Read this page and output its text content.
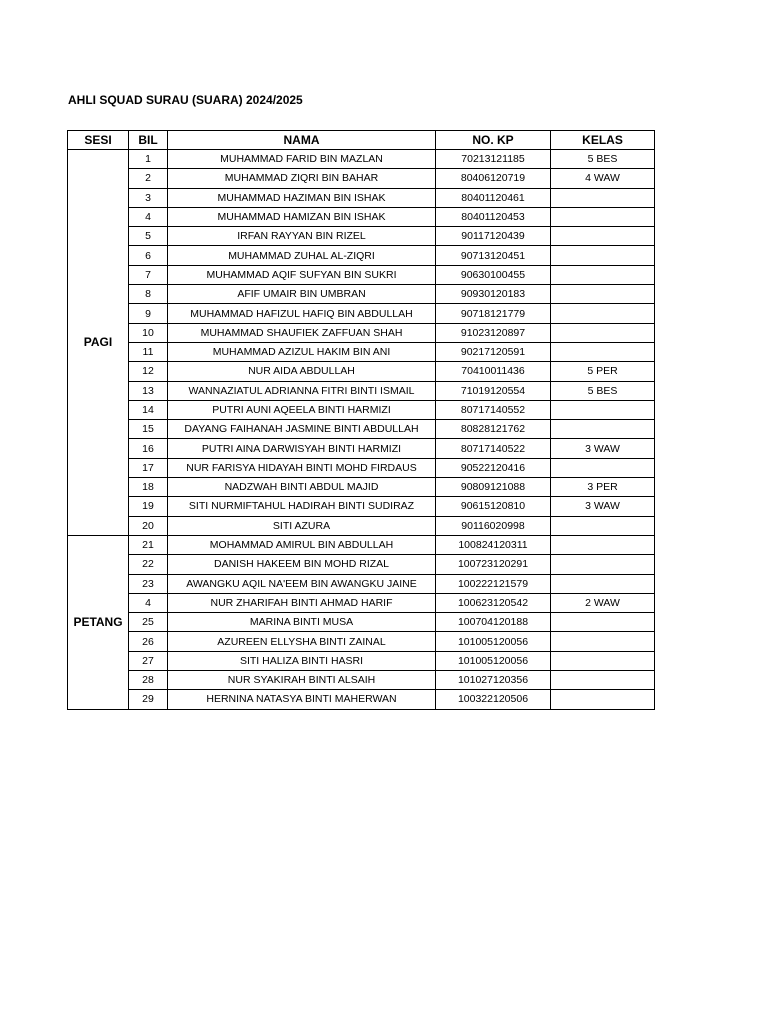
AHLI SQUAD SURAU (SUARA) 2024/2025
SESI	BIL	NAMA	NO. KP	KELAS
PAGI	1	MUHAMMAD FARID BIN MAZLAN	70213121185	5 BES
	2	MUHAMMAD ZIQRI BIN BAHAR	80406120719	4 WAW
	3	MUHAMMAD HAZIMAN BIN ISHAK	80401120461	
	4	MUHAMMAD HAMIZAN BIN ISHAK	80401120453	
	5	IRFAN RAYYAN BIN RIZEL	90117120439	
	6	MUHAMMAD ZUHAL AL-ZIQRI	90713120451	
	7	MUHAMMAD AQIF SUFYAN BIN SUKRI	90630100455	
	8	AFIF UMAIR BIN UMBRAN	90930120183	
	9	MUHAMMAD HAFIZUL HAFIQ BIN ABDULLAH	90718121779	
	10	MUHAMMAD SHAUFIEK ZAFFUAN SHAH	91023120897	
	11	MUHAMMAD AZIZUL HAKIM BIN ANI	90217120591	
	12	NUR AIDA ABDULLAH	70410011436	5 PER
	13	WANNAZIATUL ADRIANNA FITRI BINTI ISMAIL	71019120554	5 BES
	14	PUTRI AUNI AQEELA BINTI HARMIZI	80717140552	
	15	DAYANG FAIHANAH JASMINE BINTI ABDULLAH	80828121762	
	16	PUTRI AINA DARWISYAH BINTI HARMIZI	80717140522	3 WAW
	17	NUR FARISYA HIDAYAH BINTI MOHD FIRDAUS	90522120416	
	18	NADZWAH BINTI ABDUL MAJID	90809121088	3 PER
	19	SITI NURMIFTAHUL HADIRAH BINTI SUDIRAZ	90615120810	3 WAW
	20	SITI AZURA	90116020998	
PETANG	21	MOHAMMAD AMIRUL BIN ABDULLAH	100824120311	
	22	DANISH HAKEEM BIN MOHD RIZAL	100723120291	
	23	AWANGKU AQIL NA'EEM BIN AWANGKU JAINE	100222121579	
	4	NUR ZHARIFAH BINTI AHMAD HARIF	100623120542	2 WAW
	25	MARINA BINTI MUSA	100704120188	
	26	AZUREEN ELLYSHA BINTI ZAINAL	101005120056	
	27	SITI HALIZA BINTI HASRI	101005120056	
	28	NUR SYAKIRAH BINTI ALSAIH	101027120356	
	29	HERNINA NATASYA BINTI MAHERWAN	100322120506	
